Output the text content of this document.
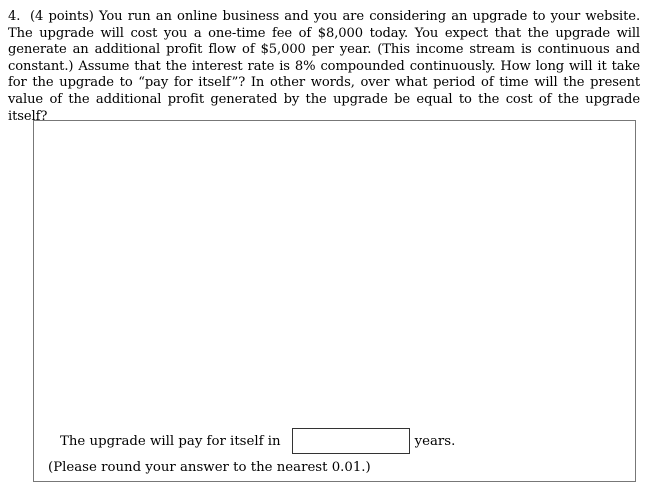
4. (4 points) You run an online business and you are considering an upgrade to your website. The upgrade will cost you a one-time fee of $8,000 today. You expect that the upgrade will generate an additional profit flow of $5,000 per year. (This income stream is continuous and constant.) Assume that the interest rate is 8% compounded continuously. How long will it take for the upgrade to “pay for itself”? In other words, over what period of time will the present value of the additional profit generated by the upgrade be equal to the cost of the upgrade itself?
The upgrade will pay for itself in	years.
(Please round your answer to the nearest 0.01.)
